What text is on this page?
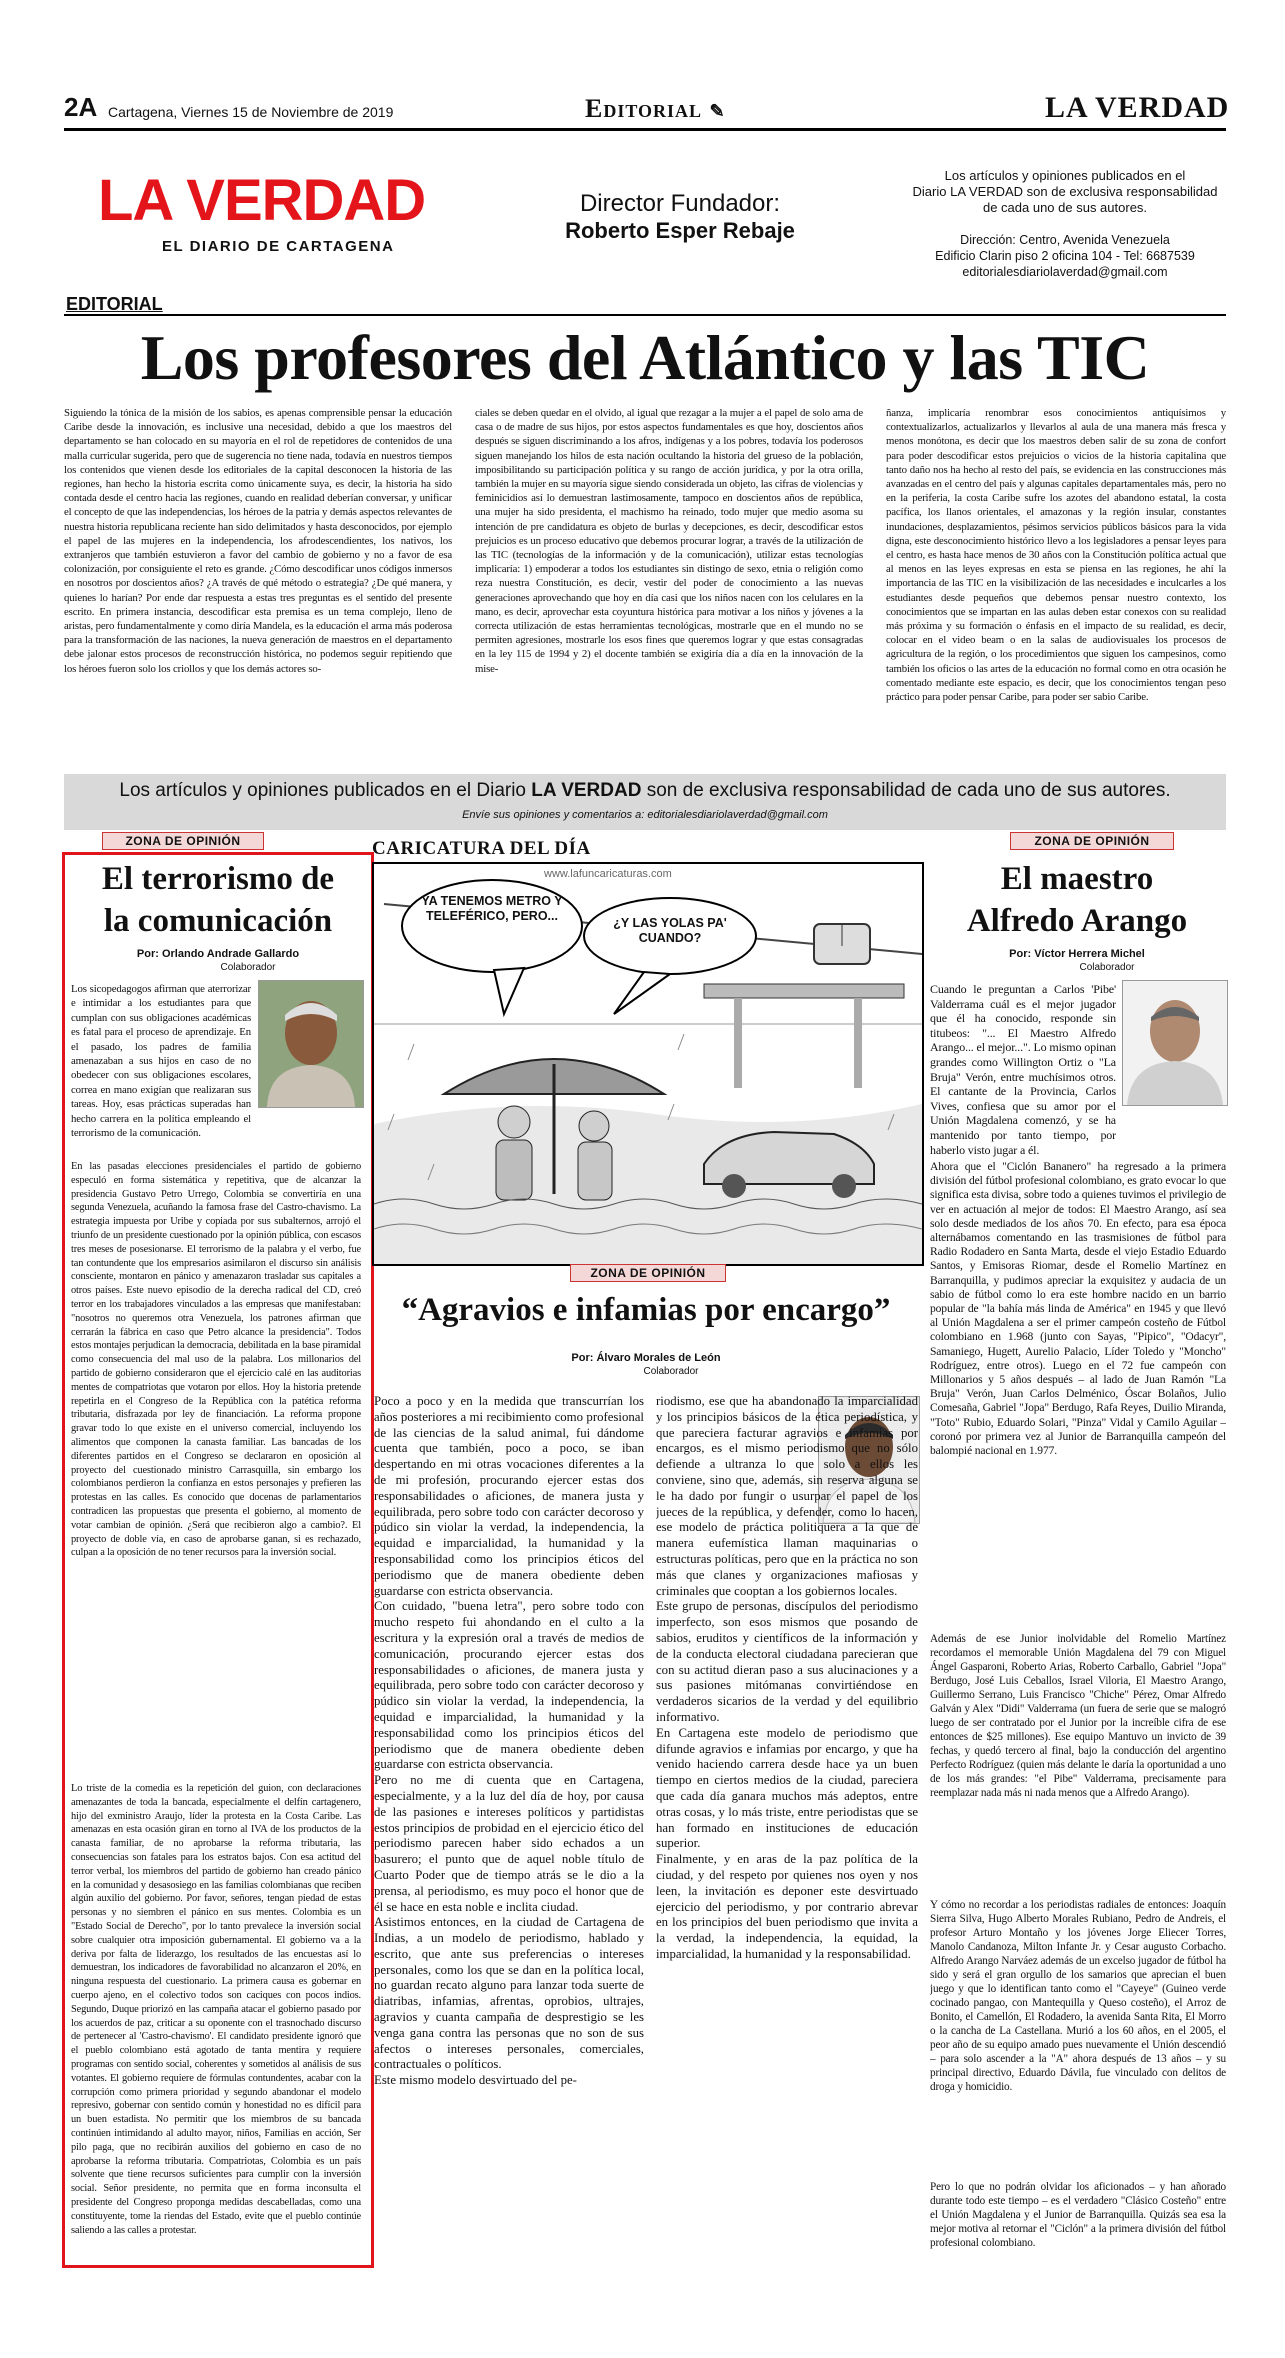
2A Cartagena, Viernes 15 de Noviembre de 2019	Editorial ✎	LA VERDAD
LA VERDAD
EL DIARIO DE CARTAGENA
Director Fundador:
Roberto Esper Rebaje
Los artículos y opiniones publicados en el
Diario LA VERDAD son de exclusiva responsabilidad
de cada uno de sus autores.
Dirección: Centro, Avenida Venezuela
Edificio Clarin piso 2 oficina 104 - Tel: 6687539
editorialesdiariolaverdad@gmail.com
EDITORIAL
Los profesores del Atlántico y las TIC
Siguiendo la tónica de la misión de los sabios, es apenas comprensible pensar la educación Caribe desde la innovación, es inclusive una necesidad, debido a que los maestros del departamento se han colocado en su mayoría en el rol de repetidores de contenidos de una malla curricular sugerida, pero que de sugerencia no tiene nada, todavía en nuestros tiempos los contenidos que vienen desde los editoriales de la capital desconocen la historia de las regiones, han hecho la historia escrita como únicamente suya, es decir, la historia ha sido contada desde el centro hacia las regiones, cuando en realidad deberían conversar, y unificar el concepto de que las independencias, los héroes de la patria y demás aspectos relevantes de nuestra historia republicana reciente han sido delimitados y hasta desconocidos, por ejemplo el papel de las mujeres en la independencia, los afrodescendientes, los nativos, los extranjeros que también estuvieron a favor del cambio de gobierno y no a favor de esa colonización, por consiguiente el reto es grande. ¿Cómo descodificar unos códigos inmersos en nosotros por doscientos años? ¿A través de qué método o estrategia? ¿De qué manera, y quienes lo harían? Por ende dar respuesta a estas tres preguntas es el sentido del presente escrito. En primera instancia, descodificar esta premisa es un tema complejo, lleno de aristas, pero fundamentalmente y como diría Mandela, es la educación el arma más poderosa para la transformación de las naciones, la nueva generación de maestros en el departamento debe jalonar estos procesos de reconstrucción histórica, no podemos seguir repitiendo que los héroes fueron solo los criollos y que los demás actores so-
ciales se deben quedar en el olvido, al igual que rezagar a la mujer a el papel de solo ama de casa o de madre de sus hijos, por estos aspectos fundamentales es que hoy, doscientos años después se siguen discriminando a los afros, indígenas y a los pobres, todavía los poderosos siguen manejando los hilos de esta nación ocultando la historia del grueso de la población, imposibilitando su participación política y su rango de acción jurídica, y por la otra orilla, también la mujer en su mayoría sigue siendo considerada un objeto, las cifras de violencias y feminicidios así lo demuestran lastimosamente, tampoco en doscientos años de república, una mujer ha sido presidenta, el machismo ha reinado, todo mujer que medio asoma su intención de pre candidatura es objeto de burlas y decepciones, es decir, descodificar estos prejuicios es un proceso educativo que debemos procurar lograr, a través de la utilización de las TIC (tecnologías de la información y de la comunicación), utilizar estas tecnologías implicaría: 1) empoderar a todos los estudiantes sin distingo de sexo, etnia o religión como reza nuestra Constitución, es decir, vestir del poder de conocimiento a las nuevas generaciones aprovechando que hoy en día casi que los niños nacen con los celulares en la mano, es decir, aprovechar esta coyuntura histórica para motivar a los niños y jóvenes a la correcta utilización de estas herramientas tecnológicas, mostrarle que en el mundo no se permiten agresiones, mostrarle los esos fines que queremos lograr y que estas consagradas en la ley 115 de 1994 y 2) el docente también se exigiría día a día en la innovación de la mise-
ñanza, implicaría renombrar esos conocimientos antiquísimos y contextualizarlos, actualizarlos y llevarlos al aula de una manera más fresca y menos monótona, es decir que los maestros deben salir de su zona de confort para poder descodificar estos prejuicios o vicios de la historia capitalina que tanto daño nos ha hecho al resto del país, se evidencia en las construcciones más avanzadas en el centro del país y algunas capitales departamentales más, pero no en la periferia, la costa Caribe sufre los azotes del abandono estatal, la costa pacífica, los llanos orientales, el amazonas y la región insular, constantes inundaciones, desplazamientos, pésimos servicios públicos básicos para la vida digna, este desconocimiento histórico llevo a los legisladores a pensar leyes para el centro, es hasta hace menos de 30 años con la Constitución política actual que al menos en las leyes expresas en esta se piensa en las regiones, he ahí la importancia de las TIC en la visibilización de las necesidades e inculcarles a los estudiantes desde pequeños que debemos pensar nuestro contexto, los conocimientos que se impartan en las aulas deben estar conexos con su realidad más próxima y su formación o énfasis en el impacto de su realidad, es decir, colocar en el video beam o en la salas de audiovisuales los procesos de agricultura de la región, o los procedimientos que siguen los campesinos, como también los oficios o las artes de la educación no formal como en otra ocasión he comentado mediante este espacio, es decir, que los conocimientos tengan peso práctico para poder pensar Caribe, para poder ser sabio Caribe.
Los artículos y opiniones publicados en el Diario LA VERDAD son de exclusiva responsabilidad de cada uno de sus autores.
Envíe sus opiniones y comentarios a: editorialesdiariolaverdad@gmail.com
ZONA DE OPINIÓN
El terrorismo de
la comunicación
Por: Orlando Andrade Gallardo
Colaborador
Los sicopedagogos afirman que aterrorizar e intimidar a los estudiantes para que cumplan con sus obligaciones académicas es fatal para el proceso de aprendizaje. En el pasado, los padres de familia amenazaban a sus hijos en caso de no obedecer con sus obligaciones escolares, correa en mano exigían que realizaran sus tareas. Hoy, esas prácticas superadas han hecho carrera en la política empleando el terrorismo de la comunicación.
En las pasadas elecciones presidenciales el partido de gobierno especuló en forma sistemática y repetitiva, que de alcanzar la presidencia Gustavo Petro Urrego, Colombia se convertiría en una segunda Venezuela, acuñando la famosa frase del Castro-chavismo. La estrategia impuesta por Uribe y copiada por sus subalternos, arrojó el triunfo de un presidente cuestionado por la opinión pública, con escasos tres meses de posesionarse. El terrorismo de la palabra y el verbo, fue tan contundente que los empresarios asimilaron el discurso sin análisis consciente, montaron en pánico y amenazaron trasladar sus capitales a otros países. Este nuevo episodio de la derecha radical del CD, creó terror en los trabajadores vinculados a las empresas que manifestaban: "nosotros no queremos otra Venezuela, los patrones afirman que cerrarán la fábrica en caso que Petro alcance la presidencia". Todos estos montajes perjudican la democracia, debilitada en la base piramidal como consecuencia del mal uso de la palabra. Los millonarios del partido de gobierno consideraron que el ejercicio calé en las auditorias mentes de compatriotas que votaron por ellos. Hoy la historia pretende repetirla en el Congreso de la República con la patética reforma tributaria, disfrazada por ley de financiación. La reforma propone gravar todo lo que existe en el universo comercial, incluyendo los alimentos que componen la canasta familiar. Las bancadas de los diferentes partidos en el Congreso se declararon en oposición al proyecto del cuestionado ministro Carrasquilla, sin embargo los colombianos perdieron la confianza en estos personajes y prefieren las protestas en las calles. Es conocido que docenas de parlamentarios contradicen las propuestas que presenta el gobierno, al momento de votar cambian de opinión. ¿Será que recibieron algo a cambio?. El proyecto de doble vía, en caso de aprobarse ganan, si es rechazado, culpan a la oposición de no tener recursos para la inversión social.
Lo triste de la comedia es la repetición del guion, con declaraciones amenazantes de toda la bancada, especialmente el delfín cartagenero, hijo del exministro Araujo, líder la protesta en la Costa Caribe. Las amenazas en esta ocasión giran en torno al IVA de los productos de la canasta familiar, de no aprobarse la reforma tributaria, las consecuencias son fatales para los estratos bajos. Con esa actitud del terror verbal, los miembros del partido de gobierno han creado pánico en la comunidad y desasosiego en las familias colombianas que reciben algún auxilio del gobierno. Por favor, señores, tengan piedad de estas personas y no siembren el pánico en sus mentes. Colombia es un "Estado Social de Derecho", por lo tanto prevalece la inversión social sobre cualquier otra imposición gubernamental. El gobierno va a la deriva por falta de liderazgo, los resultados de las encuestas así lo demuestran, los indicadores de favorabilidad no alcanzaron el 20%, en ninguna respuesta del cuestionario. La primera causa es gobernar en cuerpo ajeno, en el colectivo todos son caciques con pocos indios. Segundo, Duque priorizó en las campaña atacar el gobierno pasado por los acuerdos de paz, criticar a su oponente con el trasnochado discurso de pertenecer al 'Castro-chavismo'. El candidato presidente ignoró que el pueblo colombiano está agotado de tanta mentira y requiere programas con sentido social, coherentes y sometidos al análisis de sus votantes. El gobierno requiere de fórmulas contundentes, acabar con la corrupción como primera prioridad y segundo abandonar el modelo represivo, gobernar con sentido común y honestidad no es difícil para un buen estadista. No permitir que los miembros de su bancada continúen intimidando al adulto mayor, niños, Familias en acción, Ser pilo paga, que no recibirán auxilios del gobierno en caso de no aprobarse la reforma tributaria. Compatriotas, Colombia es un país solvente que tiene recursos suficientes para cumplir con la inversión social. Señor presidente, no permita que en forma inconsulta el presidente del Congreso proponga medidas descabelladas, como una constituyente, tome la riendas del Estado, evite que el pueblo continúe saliendo a las calles a protestar.
CARICATURA DEL DÍA
www.lafuncaricaturas.com
YA TENEMOS METRO Y TELEFÉRICO, PERO...	¿Y LAS YOLAS PA' CUANDO?
ZONA DE OPINIÓN
“Agravios e infamias por encargo”
Por: Álvaro Morales de León
Colaborador
Poco a poco y en la medida que transcurrían los años posteriores a mi recibimiento como profesional de las ciencias de la salud animal, fui dándome cuenta que también, poco a poco, se iban despertando en mi otras vocaciones diferentes a la de mi profesión, procurando ejercer estas dos responsabilidades o aficiones, de manera justa y equilibrada, pero sobre todo con carácter decoroso y púdico sin violar la verdad, la independencia, la equidad e imparcialidad, la humanidad y la responsabilidad como los principios éticos del periodismo que de manera obediente deben guardarse con estricta observancia.
Con cuidado, "buena letra", pero sobre todo con mucho respeto fui ahondando en el culto a la escritura y la expresión oral a través de medios de comunicación, procurando ejercer estas dos responsabilidades o aficiones, de manera justa y equilibrada, pero sobre todo con carácter decoroso y púdico sin violar la verdad, la independencia, la equidad e imparcialidad, la humanidad y la responsabilidad como los principios éticos del periodismo que de manera obediente deben guardarse con estricta observancia.
Pero no me di cuenta que en Cartagena, especialmente, y a la luz del día de hoy, por causa de las pasiones e intereses políticos y partidistas estos principios de probidad en el ejercicio ético del periodismo parecen haber sido echados a un basurero; el punto que de aquel noble título de Cuarto Poder que de tiempo atrás se le dio a la prensa, al periodismo, es muy poco el honor que de él se hace en esta noble e inclita ciudad.
Asistimos entonces, en la ciudad de Cartagena de Indias, a un modelo de periodismo, hablado y escrito, que ante sus preferencias o intereses personales, como los que se dan en la política local, no guardan recato alguno para lanzar toda suerte de diatribas, infamias, afrentas, oprobios, ultrajes, agravios y cuanta campaña de desprestigio se les venga gana contra las personas que no son de sus afectos o intereses personales, comerciales, contractuales o políticos.
Este mismo modelo desvirtuado del pe-
riodismo, ese que ha abandonado la imparcialidad y los principios básicos de la ética periodística, y que pareciera facturar agravios e infamias por encargos, es el mismo periodismo que no sólo defiende a ultranza lo que solo a ellos les conviene, sino que, además, sin reserva alguna se le ha dado por fungir o usurpar el papel de los jueces de la república, y defender, como lo hacen, ese modelo de práctica politiquera a la que de manera eufemística llaman maquinarias o estructuras políticas, pero que en la práctica no son más que clanes y organizaciones mafiosas y criminales que cooptan a los gobiernos locales.
Este grupo de personas, discípulos del periodismo imperfecto, son esos mismos que posando de sabios, eruditos y científicos de la información y de la conducta electoral ciudadana parecieran que con su actitud dieran paso a sus alucinaciones y a sus pasiones mitómanas convirtiéndose en verdaderos sicarios de la verdad y del equilibrio informativo.
En Cartagena este modelo de periodismo que difunde agravios e infamias por encargo, y que ha venido haciendo carrera desde hace ya un buen tiempo en ciertos medios de la ciudad, pareciera que cada día ganara muchos más adeptos, entre otras cosas, y lo más triste, entre periodistas que se han formado en instituciones de educación superior.
Finalmente, y en aras de la paz política de la ciudad, y del respeto por quienes nos oyen y nos leen, la invitación es deponer este desvirtuado ejercicio del periodismo, y por contrario abrevar en los principios del buen periodismo que invita a la verdad, la independencia, la equidad, la imparcialidad, la humanidad y la responsabilidad.
ZONA DE OPINIÓN
El maestro
Alfredo Arango
Por: Víctor Herrera Michel
Colaborador
Cuando le preguntan a Carlos 'Pibe' Valderrama cuál es el mejor jugador que él ha conocido, responde sin titubeos: "... El Maestro Alfredo Arango... el mejor...". Lo mismo opinan grandes como Willington Ortiz o "La Bruja" Verón, entre muchísimos otros. El cantante de la Provincia, Carlos Vives, confiesa que su amor por el Unión Magdalena comenzó, y se ha mantenido por tanto tiempo, por haberlo visto jugar a él.
Ahora que el "Ciclón Bananero" ha regresado a la primera división del fútbol profesional colombiano, es grato evocar lo que significa esta divisa, sobre todo a quienes tuvimos el privilegio de ver en actuación al mejor de todos: El Maestro Arango, así sea solo desde mediados de los años 70. En efecto, para esa época alternábamos comentando en las trasmisiones de fútbol para Radio Rodadero en Santa Marta, desde el viejo Estadio Eduardo Santos, y Emisoras Riomar, desde el Romelio Martínez en Barranquilla, y pudimos apreciar la exquisitez y audacia de un sabio de fútbol como lo era este hombre nacido en un barrio popular de "la bahía más linda de América" en 1945 y que llevó al Unión Magdalena a ser el primer campeón costeño de Fútbol colombiano en 1.968 (junto con Sayas, "Pipico", "Odacyr", Samaniego, Hugett, Aurelio Palacio, Líder Toledo y "Moncho" Rodríguez, entre otros). Luego en el 72 fue campeón con Millonarios y 5 años después – al lado de Juan Ramón "La Bruja" Verón, Juan Carlos Delménico, Óscar Bolaños, Julio Comesaña, Gabriel "Jopa" Berdugo, Rafa Reyes, Duilio Miranda, "Toto" Rubio, Eduardo Solari, "Pinza" Vidal y Camilo Aguilar – coronó por primera vez al Junior de Barranquilla campeón del balompié nacional en 1.977.
Además de ese Junior inolvidable del Romelio Martínez recordamos el memorable Unión Magdalena del 79 con Miguel Ángel Gasparoni, Roberto Arias, Roberto Carballo, Gabriel "Jopa" Berdugo, José Luis Ceballos, Israel Viloria, El Maestro Arango, Guillermo Serrano, Luis Francisco "Chiche" Pérez, Omar Alfredo Galván y Alex "Didi" Valderrama (un fuera de serie que se malogró luego de ser contratado por el Junior por la increíble cifra de ese entonces de $25 millones). Ese equipo Mantuvo un invicto de 39 fechas, y quedó tercero al final, bajo la conducción del argentino Perfecto Rodríguez (quien más delante le daría la oportunidad a uno de los más grandes: "el Pibe" Valderrama, precisamente para reemplazar nada más ni nada menos que a Alfredo Arango).
Y cómo no recordar a los periodistas radiales de entonces: Joaquín Sierra Silva, Hugo Alberto Morales Rubiano, Pedro de Andreis, el profesor Arturo Montaño y los jóvenes Jorge Eliecer Torres, Manolo Candanoza, Milton Infante Jr. y Cesar augusto Corbacho. Alfredo Arango Narváez además de un excelso jugador de fútbol ha sido y será el gran orgullo de los samarios que aprecian el buen juego y que lo identifican tanto como el "Cayeye" (Guineo verde cocinado pangao, con Mantequilla y Queso costeño), el Arroz de Bonito, el Camellón, El Rodadero, la avenida Santa Rita, El Morro o la cancha de La Castellana. Murió a los 60 años, en el 2005, el peor año de su equipo amado pues nuevamente el Unión descendió – para solo ascender a la "A" ahora después de 13 años – y su principal directivo, Eduardo Dávila, fue vinculado con delitos de droga y homicidio.
Pero lo que no podrán olvidar los aficionados – y han añorado durante todo este tiempo – es el verdadero "Clásico Costeño" entre el Unión Magdalena y el Junior de Barranquilla. Quizás sea esa la mejor motiva al retornar el "Ciclón" a la primera división del fútbol profesional colombiano.
